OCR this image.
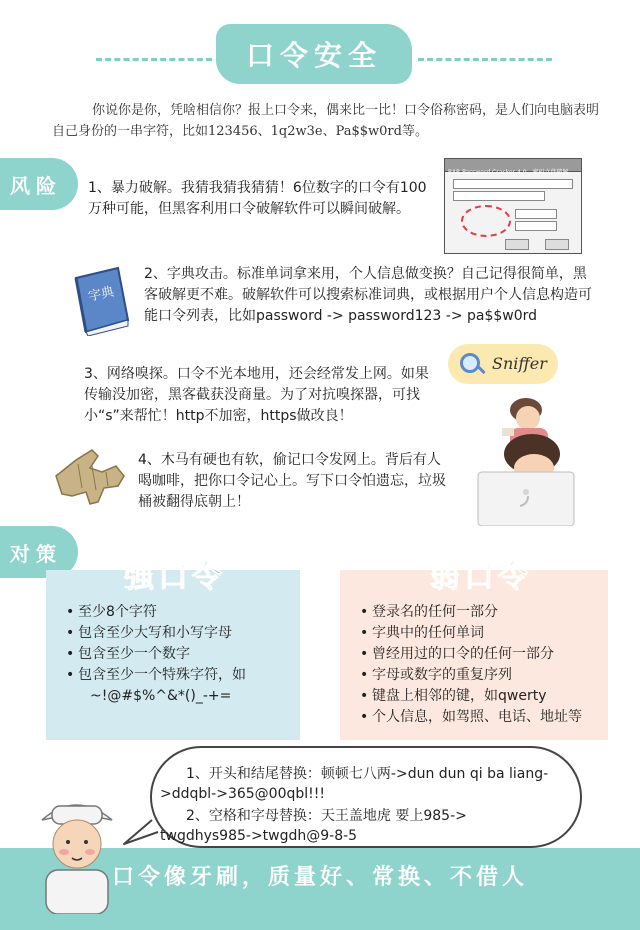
口令安全
你说你是你，凭啥相信你？报上口令来，偶来比一比！口令俗称密码，是人们向电脑表明自己身份的一串字符，比如123456、1q2w3e、Pa$$w0rd等。
风险 1、暴力破解。我猜我猜我猜猜！6位数字的口令有100万种可能，但黑客利用口令破解软件可以瞬间破解。
RAR Password Cracker 4.0 - 密码文件破解
字典
2、字典攻击。标准单词拿来用，个人信息做变换？自己记得很简单，黑客破解更不难。破解软件可以搜索标准词典，或根据用户个人信息构造可能口令列表，比如password -> password123 -> pa$$w0rd
3、网络嗅探。口令不光本地用，还会经常发上网。如果传输没加密，黑客截获没商量。为了对抗嗅探器，可找小“s”来帮忙！http不加密，https做改良！
Sniffer
4、木马有硬也有软，偷记口令发网上。背后有人喝咖啡，把你口令记心上。写下口令怕遗忘，垃圾桶被翻得底朝上！
对策
• 至少8个字符
• 包含至少大写和小写字母
• 包含至少一个数字
• 包含至少一个特殊字符，如
~!@#$%^&*()_-+=
强口令
• 登录名的任何一部分
• 字典中的任何单词
• 曾经用过的口令的任何一部分
• 字母或数字的重复序列
• 键盘上相邻的键，如qwerty
• 个人信息，如驾照、电话、地址等
弱口令
1、开头和结尾替换：顿顿七八两->dun dun qi ba liang->ddqbl->365@00qbl!!!
2、空格和字母替换：天王盖地虎 要上985-> twgdhys985->twgdh@9-8-5
口令像牙刷，质量好、常换、不借人
